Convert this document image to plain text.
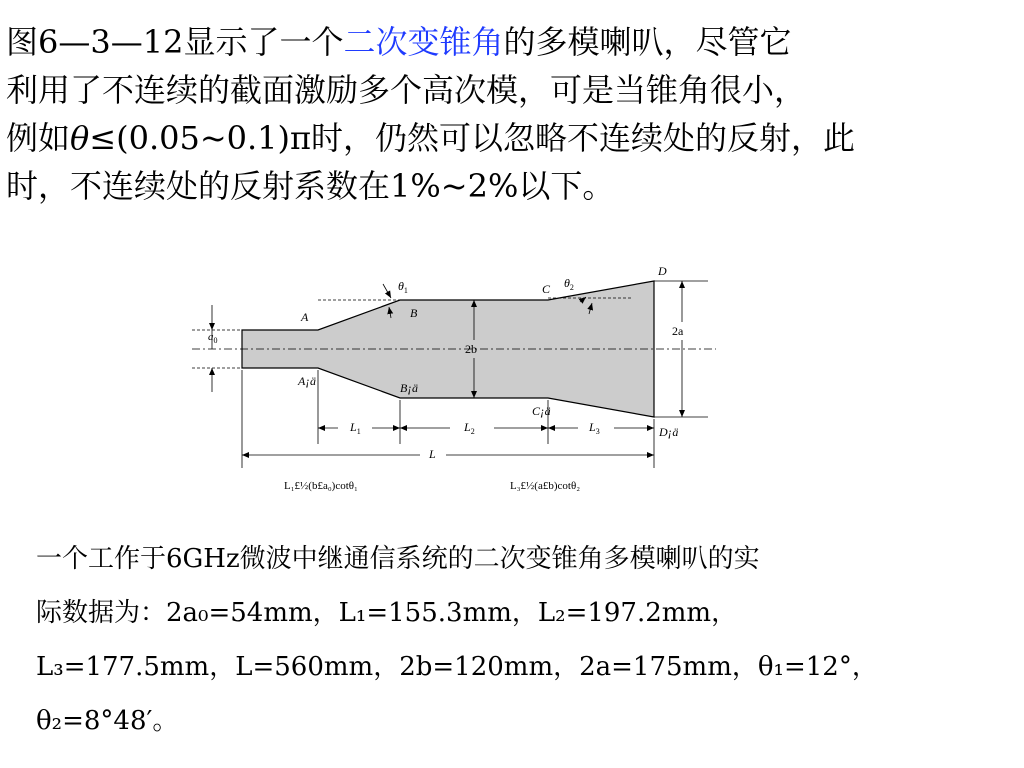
图6—3—12显示了一个二次变锥角的多模喇叭，尽管它
利用了不连续的截面激励多个高次模，可是当锥角很小，
例如θ≤(0.05~0.1)π时，仍然可以忽略不连续处的反射，此
时，不连续处的反射系数在1%~2%以下。
$a_0$
$\theta_1$
$\theta_2$
A
A¡ä
B
B¡ä
C
C¡ä
D
D¡ä
2b
2a
$L_1$	$L_2$	$L_3$
L
L₁£½(b£a₀)cotθ₁	L₃£½(a£b)cotθ₂
一个工作于6GHz微波中继通信系统的二次变锥角多模喇叭的实
际数据为：2a₀=54mm，L₁=155.3mm，L₂=197.2mm，
L₃=177.5mm，L=560mm，2b=120mm，2a=175mm，θ₁=12°，
θ₂=8°48′。
